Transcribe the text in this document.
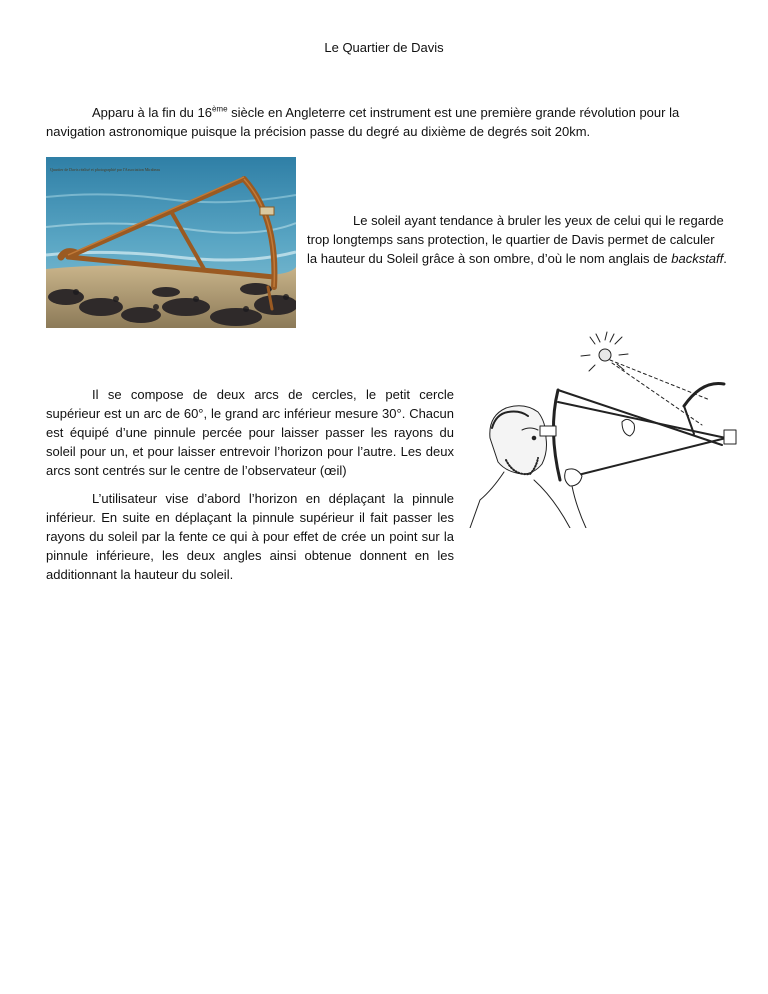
Le Quartier de Davis
Apparu à la fin du 16ème siècle en Angleterre cet instrument est une première grande révolution pour la navigation astronomique puisque la précision passe du degré au dixième de degrés soit 20km.
Quartier de Davis réalisé et photographié par l'Association Mirabeau
Le soleil ayant tendance à bruler les yeux de celui qui le regarde trop longtemps sans protection, le quartier de Davis permet de calculer la hauteur du Soleil grâce à son ombre, d’où le nom anglais de backstaff.
Il se compose de deux arcs de cercles, le petit cercle supérieur est un arc de 60°, le grand arc inférieur mesure 30°. Chacun est équipé d’une pinnule percée pour laisser passer les rayons du soleil pour un, et pour laisser entrevoir l’horizon pour l’autre. Les deux arcs sont centrés sur le centre de l’observateur (œil)
L’utilisateur vise d’abord l’horizon en déplaçant la pinnule inférieur. En suite en déplaçant la pinnule supérieur il fait passer les rayons du soleil par la fente ce qui à pour effet de crée un point sur la pinnule inférieure, les deux angles ainsi obtenue donnent en les additionnant la hauteur du soleil.
